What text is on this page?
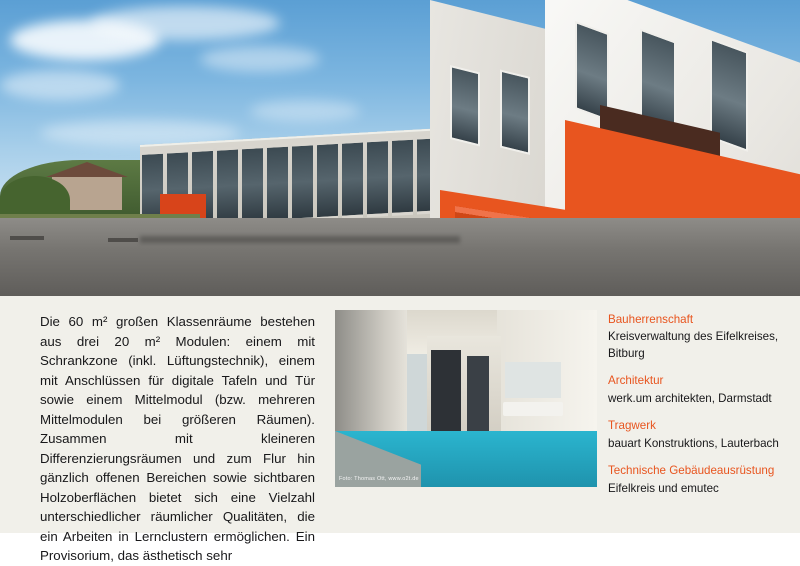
Die 60 m² großen Klassenräume bestehen aus drei 20 m² Modulen: einem mit Schrankzone (inkl. Lüftungstechnik), einem mit Anschlüssen für digitale Tafeln und Tür sowie einem Mittelmodul (bzw. mehreren Mittelmodulen bei größeren Räumen). Zusammen mit kleineren Differenzierungsräumen und zum Flur hin gänzlich offenen Bereichen sowie sichtbaren Holzoberflächen bietet sich eine Vielzahl unterschiedlicher räumlicher Qualitäten, die ein Arbeiten in Lernclustern ermöglichen. Ein Provisorium, das ästhetisch sehr

Foto: Thomas Ott, www.o2t.de
Bauherrenschaft
Kreisverwaltung des Eifelkreises, Bitburg
Architektur
werk.um architekten, Darmstadt
Tragwerk
bauart Konstruktions, Lauterbach
Technische Gebäudeausrüstung
Eifelkreis und emutec
